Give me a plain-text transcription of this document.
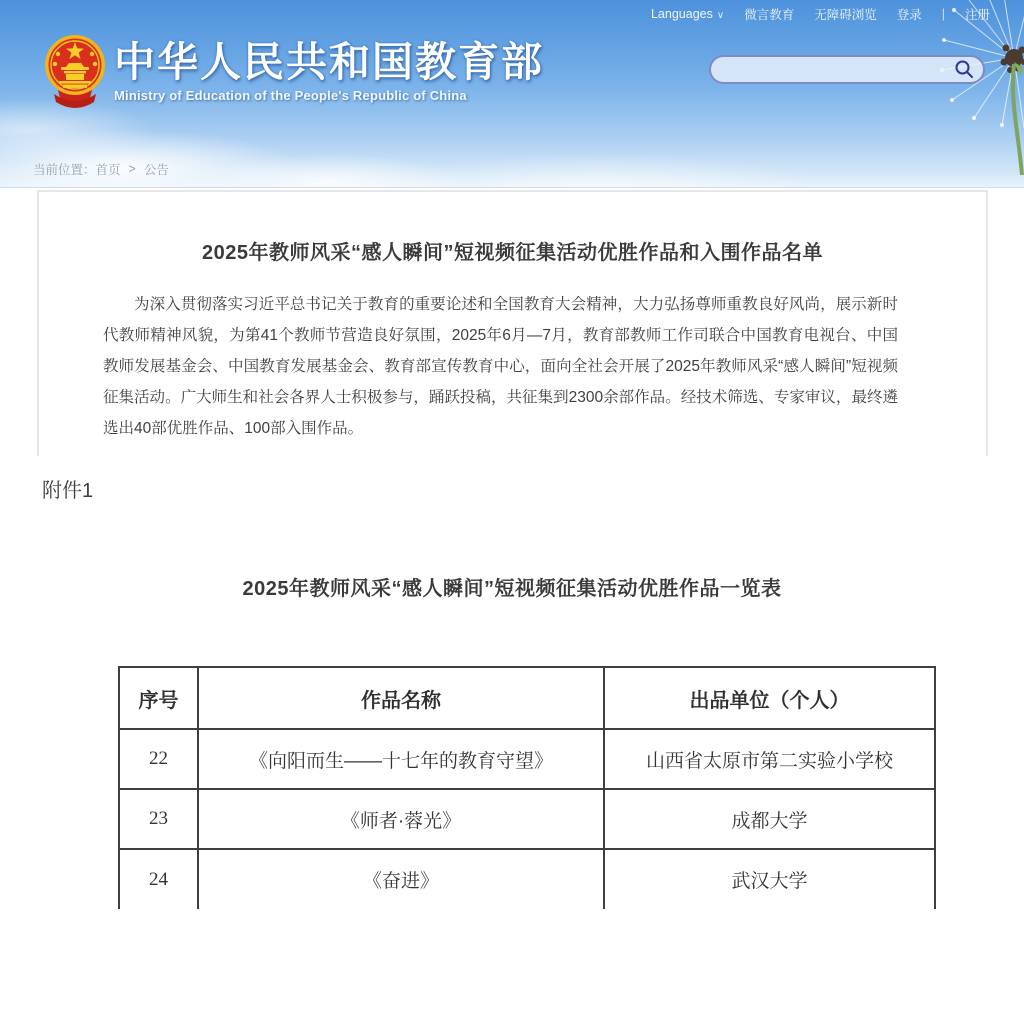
Languages ∨ 微言教育 无障碍浏览 登录 | 注册
中华人民共和国教育部
Ministry of Education of the People's Republic of China
当前位置：首页 > 公告
2025年教师风采“感人瞬间”短视频征集活动优胜作品和入围作品名单

为深入贯彻落实习近平总书记关于教育的重要论述和全国教育大会精神，大力弘扬尊师重教良好风尚，展示新时代教师精神风貌，为第41个教师节营造良好氛围，2025年6月—7月，教育部教师工作司联合中国教育电视台、中国教师发展基金会、中国教育发展基金会、教育部宣传教育中心，面向全社会开展了2025年教师风采“感人瞬间”短视频征集活动。广大师生和社会各界人士积极参与，踊跃投稿，共征集到2300余部作品。经技术筛选、专家审议，最终遴选出40部优胜作品、100部入围作品。

附件1
2025年教师风采“感人瞬间”短视频征集活动优胜作品一览表
序号	作品名称	出品单位（个人）
22	《向阳而生——十七年的教育守望》	山西省太原市第二实验小学校
23	《师者·蓉光》	成都大学
24	《奋进》	武汉大学
